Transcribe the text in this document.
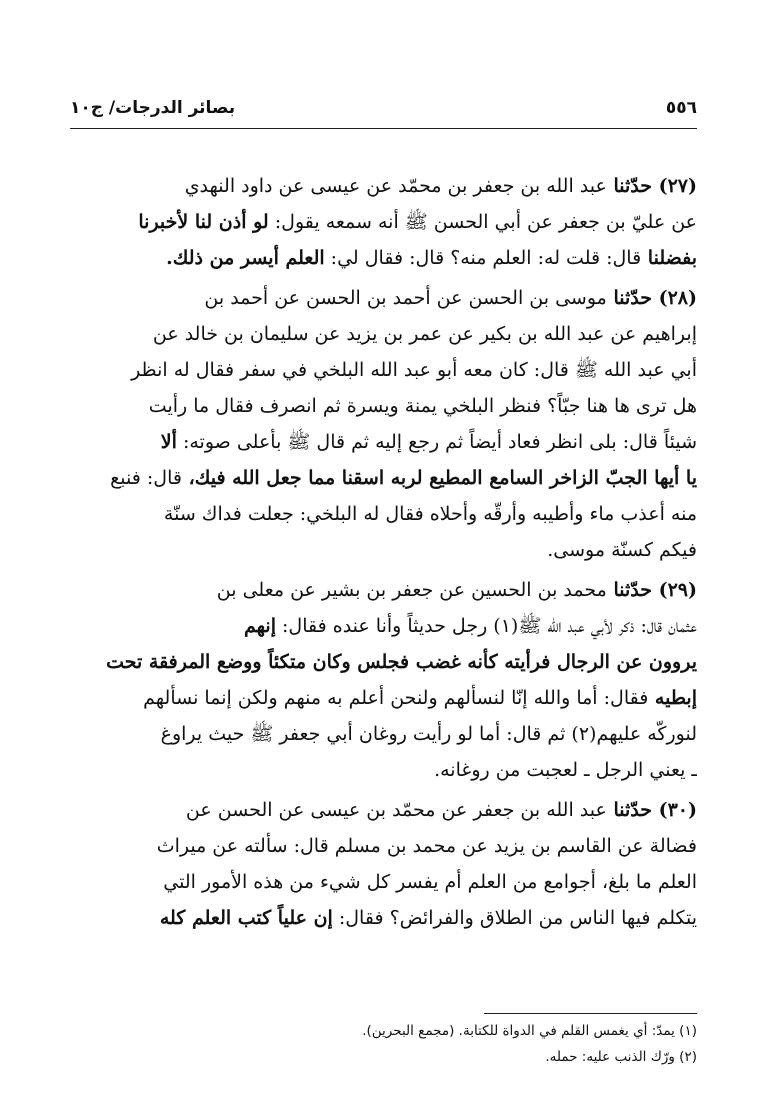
٥٥٦
بصائر الدرجات/ ج١٠
(٢٧) حدّثنا عبد الله بن جعفر بن محمّد عن عيسى عن داود النهدي
عن عليّ بن جعفر عن أبي الحسن ﷺ أنه سمعه يقول: لو أذن لنا لأخبرنا
بفضلنا قال: قلت له: العلم منه؟ قال: فقال لي: العلم أيسر من ذلك.
(٢٨) حدّثنا موسى بن الحسن عن أحمد بن الحسن عن أحمد بن
إبراهيم عن عبد الله بن بكير عن عمر بن يزيد عن سليمان بن خالد عن
أبي عبد الله ﷺ قال: كان معه أبو عبد الله البلخي في سفر فقال له انظر
هل ترى ها هنا جبّاً؟ فنظر البلخي يمنة ويسرة ثم انصرف فقال ما رأيت
شيئاً قال: بلى انظر فعاد أيضاً ثم رجع إليه ثم قال ﷺ بأعلى صوته: ألا
يا أيها الجبّ الزاخر السامع المطيع لربه اسقنا مما جعل الله فيك، قال: فنبع
منه أعذب ماء وأطيبه وأرقّه وأحلاه فقال له البلخي: جعلت فداك سنّة
فيكم كسنّة موسى.
(٢٩) حدّثنا محمد بن الحسين عن جعفر بن بشير عن معلى بن
عثمان قال: ذكر لأبي عبد الله ﷺ(١) رجل حديثاً وأنا عنده فقال: إنهم
يروون عن الرجال فرأيته كأنه غضب فجلس وكان متكئاً ووضع المرفقة تحت
إبطيه فقال: أما والله إنّا لنسألهم ولنحن أعلم به منهم ولكن إنما نسألهم
لنوركّه عليهم(٢) ثم قال: أما لو رأيت روغان أبي جعفر ﷺ حيث يراوغ
ـ يعني الرجل ـ لعجبت من روغانه.
(٣٠) حدّثنا عبد الله بن جعفر عن محمّد بن عيسى عن الحسن عن
فضالة عن القاسم بن يزيد عن محمد بن مسلم قال: سألته عن ميراث
العلم ما بلغ، أجوامع من العلم أم يفسر كل شيء من هذه الأمور التي
يتكلم فيها الناس من الطلاق والفرائض؟ فقال: إن علياً كتب العلم كله
(١) يمدّ: أي يغمس القلم في الدواة للكتابة. (مجمع البحرين).
(٢) ورّك الذنب عليه: حمله.
